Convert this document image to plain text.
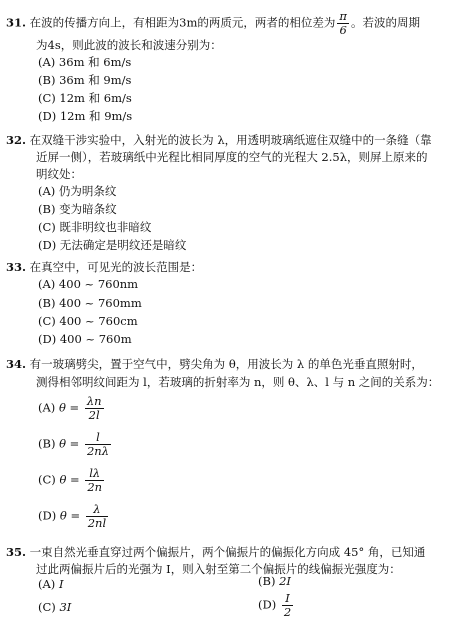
31. 在波的传播方向上，有相距为3m的两质元，两者的相位差为 $\frac{\pi}{6}$ 。若波的周期
为4s，则此波的波长和波速分别为：
(A) 36m 和 6m/s
(B) 36m 和 9m/s
(C) 12m 和 6m/s
(D) 12m 和 9m/s
32. 在双缝干涉实验中，入射光的波长为 λ，用透明玻璃纸遮住双缝中的一条缝（靠
近屏一侧），若玻璃纸中光程比相同厚度的空气的光程大 2.5λ，则屏上原来的
明纹处：
(A) 仍为明条纹
(B) 变为暗条纹
(C) 既非明纹也非暗纹
(D) 无法确定是明纹还是暗纹
33. 在真空中，可见光的波长范围是：
(A) 400 ~ 760nm
(B) 400 ~ 760mm
(C) 400 ~ 760cm
(D) 400 ~ 760m
34. 有一玻璃劈尖，置于空气中，劈尖角为 θ，用波长为 λ 的单色光垂直照射时，
测得相邻明纹间距为 l，若玻璃的折射率为 n，则 θ、λ、l 与 n 之间的关系为：
(A) $\theta = \frac{\lambda n}{2l}$
(B) $\theta = \frac{l}{2n\lambda}$
(C) $\theta = \frac{l\lambda}{2n}$
(D) $\theta = \frac{\lambda}{2nl}$
35. 一束自然光垂直穿过两个偏振片，两个偏振片的偏振化方向成 45° 角，已知通
过此两偏振片后的光强为 I，则入射至第二个偏振片的线偏振光强度为：
(A) I	(B) 2I
(C) 3I	$(D) \frac{I}{2}$
